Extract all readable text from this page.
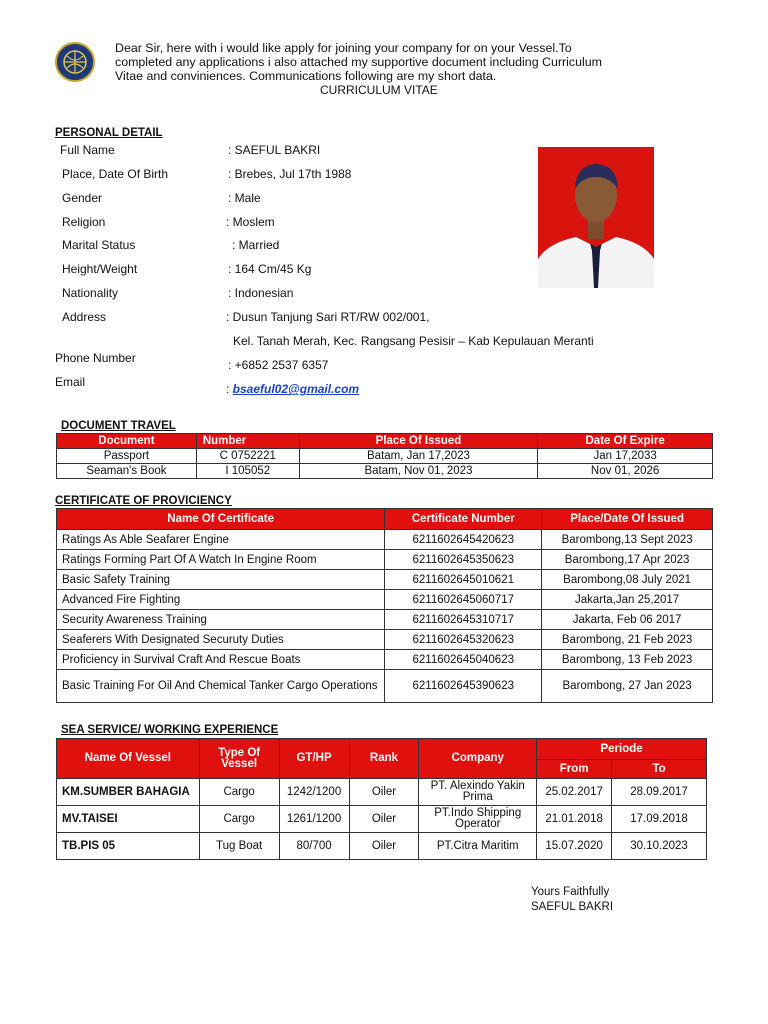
Dear Sir, here with i would like apply for joining your company for on your Vessel.To
completed any applications i also attached my supportive document including Curriculum
Vitae and conviniences. Communications following are my short data.
CURRICULUM VITAE
PERSONAL DETAIL
Full Name	: SAEFUL BAKRI
Place, Date Of Birth	: Brebes, Jul 17th 1988
Gender	: Male
Religion	: Moslem
Marital Status	: Married
Height/Weight	: 164 Cm/45 Kg
Nationality	: Indonesian
Address	: Dusun Tanjung Sari RT/RW 002/001,
Kel. Tanah Merah, Kec. Rangsang Pesisir – Kab Kepulauan Meranti
Phone Number	: +6852 2537 6357
Email	: bsaeful02@gmail.com
DOCUMENT TRAVEL
Document	Number	Place Of Issued	Date Of Expire
Passport	C 0752221	Batam, Jan 17,2023	Jan 17,2033
Seaman's Book	I 105052	Batam, Nov 01, 2023	Nov 01, 2026
CERTIFICATE OF PROVICIENCY
Name Of Certificate	Certificate Number	Place/Date Of Issued
Ratings As Able Seafarer Engine	6211602645420623	Barombong,13 Sept 2023
Ratings Forming Part Of A Watch In Engine Room	6211602645350623	Barombong,17 Apr 2023
Basic Safety Training	6211602645010621	Barombong,08 July 2021
Advanced Fire Fighting	6211602645060717	Jakarta,Jan 25,2017
Security Awareness Training	6211602645310717	Jakarta, Feb 06 2017
Seaferers With Designated Securuty Duties	6211602645320623	Barombong, 21 Feb 2023
Proficiency in Survival Craft And Rescue Boats	6211602645040623	Barombong, 13 Feb 2023
Basic Training For Oil And Chemical Tanker Cargo Operations	6211602645390623	Barombong, 27 Jan 2023
SEA SERVICE/ WORKING EXPERIENCE
Name Of Vessel	Type Of Vessel	GT/HP	Rank	Company	Periode	
					From	To
KM.SUMBER BAHAGIA	Cargo	1242/1200	Oiler	PT. Alexindo Yakin Prima	25.02.2017	28.09.2017
MV.TAISEI	Cargo	1261/1200	Oiler	PT.Indo Shipping Operator	21.01.2018	17.09.2018
TB.PIS 05	Tug Boat	80/700	Oiler	PT.Citra Maritim	15.07.2020	30.10.2023
Yours Faithfully
SAEFUL BAKRI
